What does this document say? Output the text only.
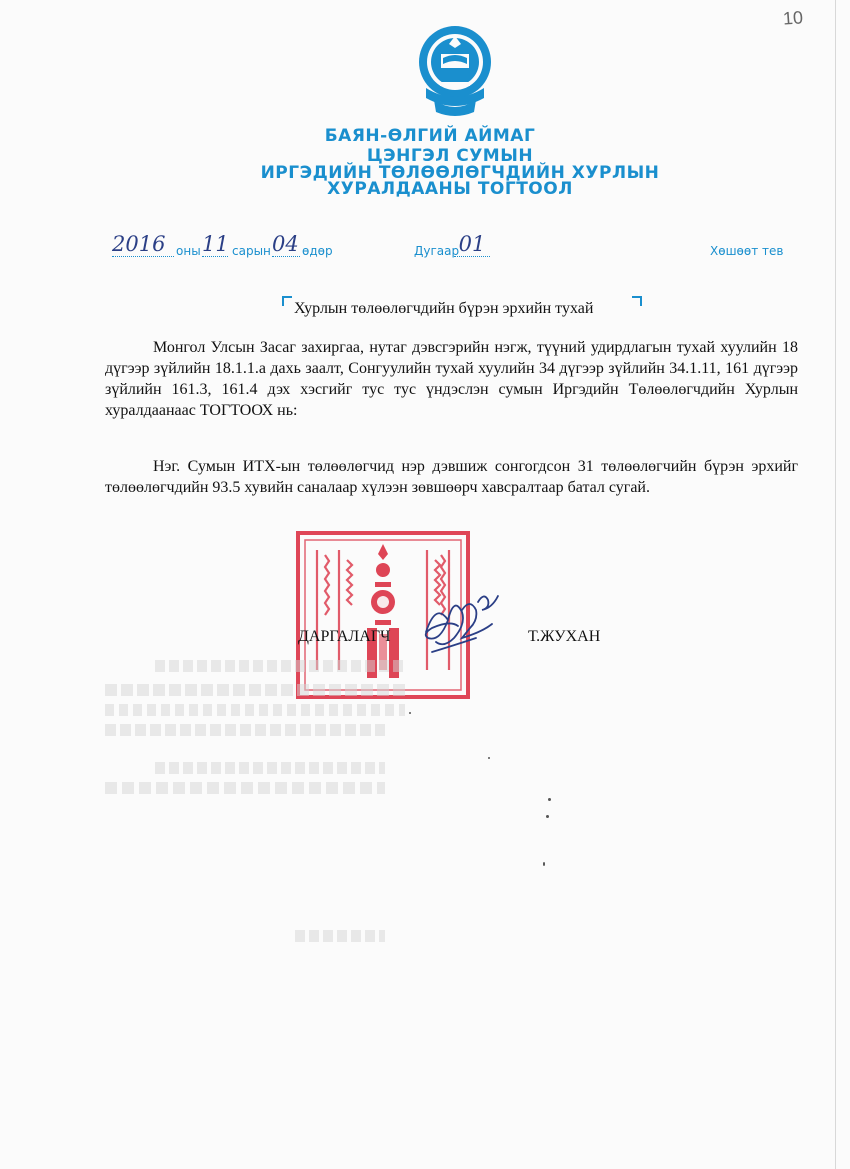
10
БАЯН-ӨЛГИЙ АЙМАГ
ЦЭНГЭЛ СУМЫН
ИРГЭДИЙН ТӨЛӨӨЛӨГЧДИЙН ХУРЛЫН
ХУРАЛДААНЫ ТОГТООЛ
2016 оны 11 сарын 04 өдөр	Дугаар 01	Хөшөөт тев
Хурлын төлөөлөгчдийн бүрэн эрхийн тухай

Монгол Улсын Засаг захиргаа, нутаг дэвсгэрийн нэгж, түүний удирдлагын тухай хуулийн 18 дүгээр зүйлийн 18.1.1.а дахь заалт, Сонгуулийн тухай хуулийн 34 дүгээр зүйлийн 34.1.11, 161 дүгээр зүйлийн 161.3, 161.4 дэх хэсгийг тус тус үндэслэн сумын Иргэдийн Төлөөлөгчдийн Хурлын хуралдаанаас ТОГТООХ нь:

Нэг. Сумын ИТХ-ын төлөөлөгчид нэр дэвшиж сонгогдсон 31 төлөөлөгчийн бүрэн эрхийг төлөөлөгчдийн 93.5 хувийн саналаар хүлээн зөвшөөрч хавсралтаар батал сугай.

ДАРГАЛАГЧ	Т.ЖУХАН
